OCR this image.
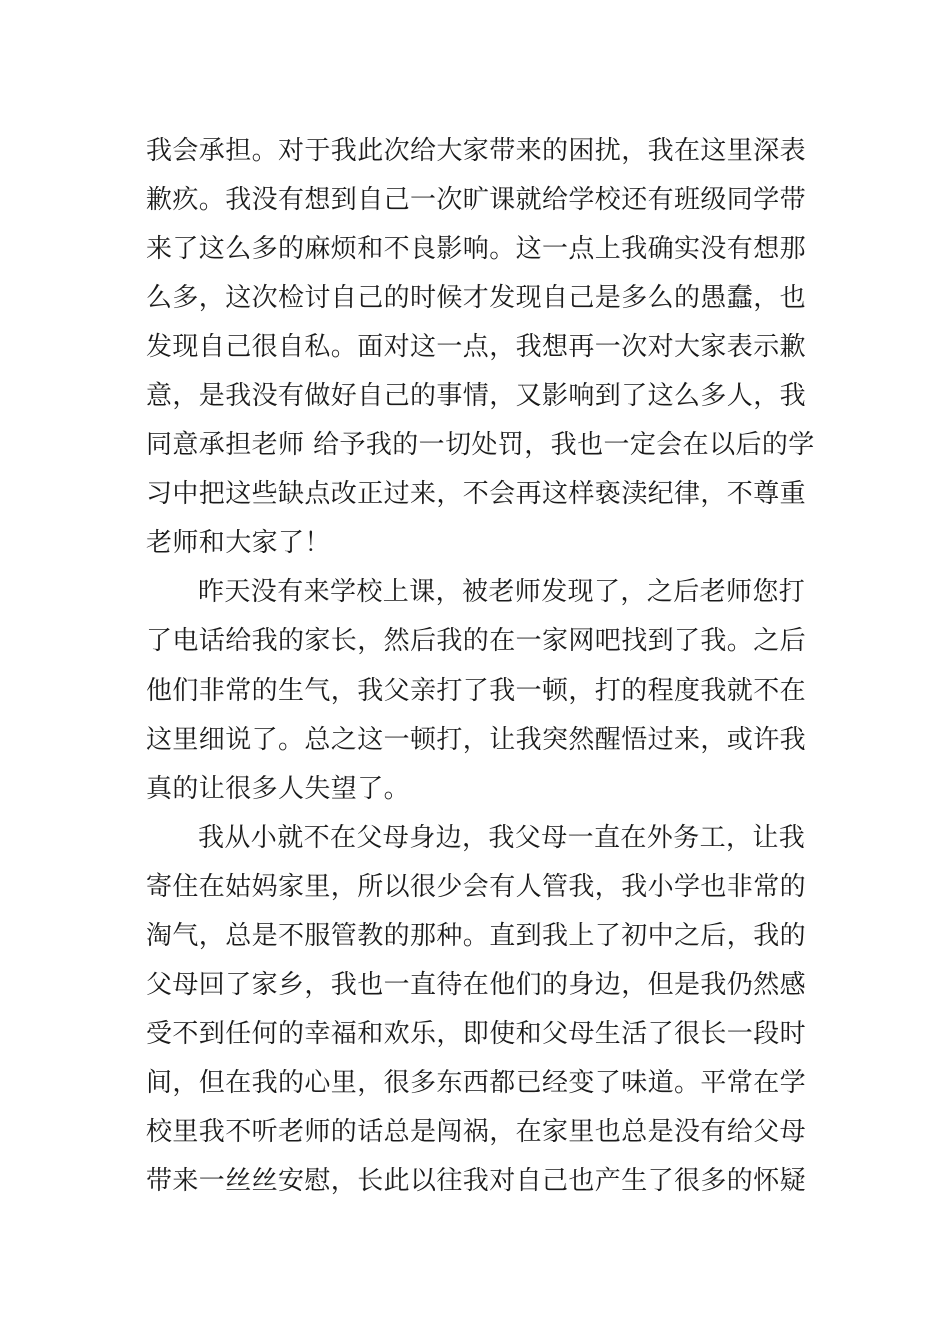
我会承担。对于我此次给大家带来的困扰，我在这里深表
歉疚。我没有想到自己一次旷课就给学校还有班级同学带
来了这么多的麻烦和不良影响。这一点上我确实没有想那
么多，这次检讨自己的时候才发现自己是多么的愚蠢，也
发现自己很自私。面对这一点，我想再一次对大家表示歉
意，是我没有做好自己的事情，又影响到了这么多人，我
同意承担老师 给予我的一切处罚，我也一定会在以后的学
习中把这些缺点改正过来，不会再这样亵渎纪律，不尊重
老师和大家了！
昨天没有来学校上课，被老师发现了，之后老师您打
了电话给我的家长，然后我的在一家网吧找到了我。之后
他们非常的生气，我父亲打了我一顿，打的程度我就不在
这里细说了。总之这一顿打，让我突然醒悟过来，或许我
真的让很多人失望了。
我从小就不在父母身边，我父母一直在外务工，让我
寄住在姑妈家里，所以很少会有人管我，我小学也非常的
淘气，总是不服管教的那种。直到我上了初中之后，我的
父母回了家乡，我也一直待在他们的身边，但是我仍然感
受不到任何的幸福和欢乐，即使和父母生活了很长一段时
间，但在我的心里，很多东西都已经变了味道。平常在学
校里我不听老师的话总是闯祸，在家里也总是没有给父母
带来一丝丝安慰，长此以往我对自己也产生了很多的怀疑
